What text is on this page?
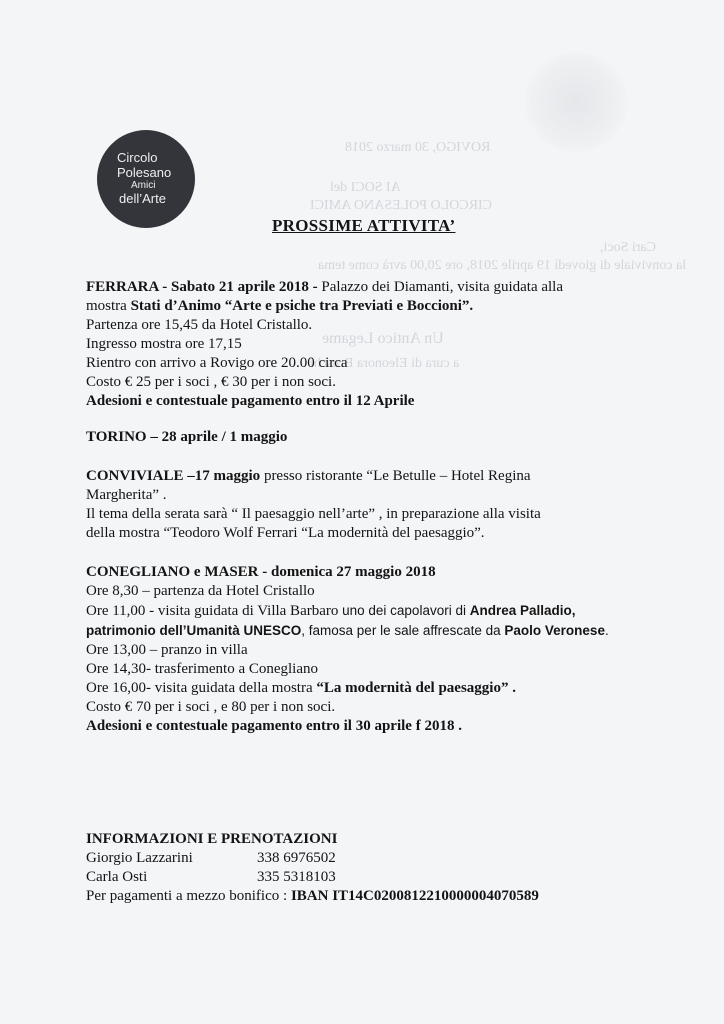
ROVIGO, 30 marzo 2018
AI SOCI del
CIRCOLO POLESANO AMICI
Cari Soci,
la conviviale di giovedì 19 aprile 2018, ore 20,00 avrà come tema
Un Antico Legame
a cura di Eleonora Bruschi
Circolo
Polesano
Amici
dell’Arte
PROSSIME ATTIVITA’
FERRARA - Sabato 21 aprile 2018 - Palazzo dei Diamanti, visita guidata alla
mostra Stati d’Animo “Arte e psiche tra Previati e Boccioni”.
Partenza ore 15,45 da Hotel Cristallo.
Ingresso mostra ore 17,15
Rientro con arrivo a Rovigo ore 20.00 circa
Costo € 25 per i soci , € 30 per i non soci.
Adesioni e contestuale pagamento entro il 12 Aprile
TORINO – 28 aprile / 1 maggio
CONVIVIALE –17 maggio presso ristorante “Le Betulle – Hotel Regina
Margherita” .
Il tema della serata sarà “ Il paesaggio nell’arte” , in preparazione alla visita
della mostra “Teodoro Wolf Ferrari “La modernità del paesaggio”.
CONEGLIANO e MASER - domenica 27 maggio 2018
Ore 8,30 – partenza da Hotel Cristallo
Ore 11,00 - visita guidata di Villa Barbaro uno dei capolavori di Andrea Palladio,
patrimonio dell’Umanità UNESCO, famosa per le sale affrescate da Paolo Veronese.
Ore 13,00 – pranzo in villa
Ore 14,30- trasferimento a Conegliano
Ore 16,00- visita guidata della mostra “La modernità del paesaggio” .
Costo € 70 per i soci , e 80 per i non soci.
Adesioni e contestuale pagamento entro il 30 aprile f 2018 .
INFORMAZIONI E PRENOTAZIONI
Giorgio Lazzarini	338 6976502
Carla Osti	335 5318103
Per pagamenti a mezzo bonifico : IBAN IT14C0200812210000004070589
